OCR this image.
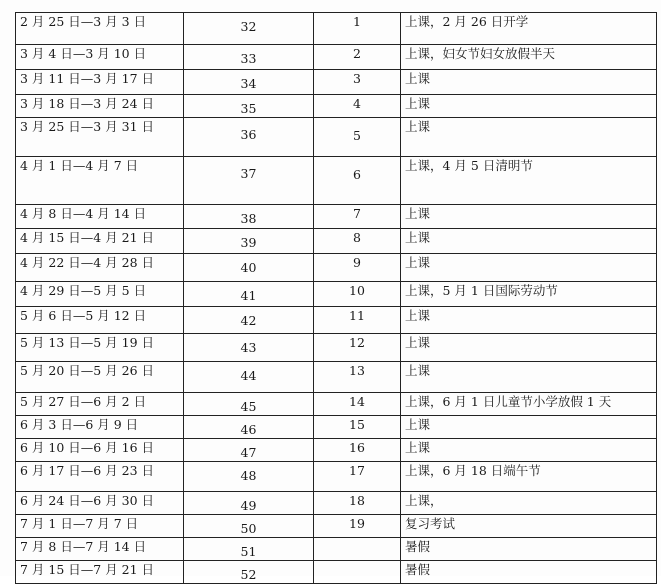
2 月 25 日—3 月 3 日	32	1	上课，2 月 26 日开学
3 月 4 日—3 月 10 日	33	2	上课，妇女节妇女放假半天
3 月 11 日—3 月 17 日	34	3	上课
3 月 18 日—3 月 24 日	35	4	上课
3 月 25 日—3 月 31 日	36	5	上课
4 月 1 日—4 月 7 日	37	6	上课，4 月 5 日清明节
4 月 8 日—4 月 14 日	38	7	上课
4 月 15 日—4 月 21 日	39	8	上课
4 月 22 日—4 月 28 日	40	9	上课
4 月 29 日—5 月 5 日	41	10	上课，5 月 1 日国际劳动节
5 月 6 日—5 月 12 日	42	11	上课
5 月 13 日—5 月 19 日	43	12	上课
5 月 20 日—5 月 26 日	44	13	上课
5 月 27 日—6 月 2 日	45	14	上课，6 月 1 日儿童节小学放假 1 天
6 月 3 日—6 月 9 日	46	15	上课
6 月 10 日—6 月 16 日	47	16	上课
6 月 17 日—6 月 23 日	48	17	上课，6 月 18 日端午节
6 月 24 日—6 月 30 日	49	18	上课，
7 月 1 日—7 月 7 日	50	19	复习考试
7 月 8 日—7 月 14 日	51		暑假
7 月 15 日—7 月 21 日	52		暑假
